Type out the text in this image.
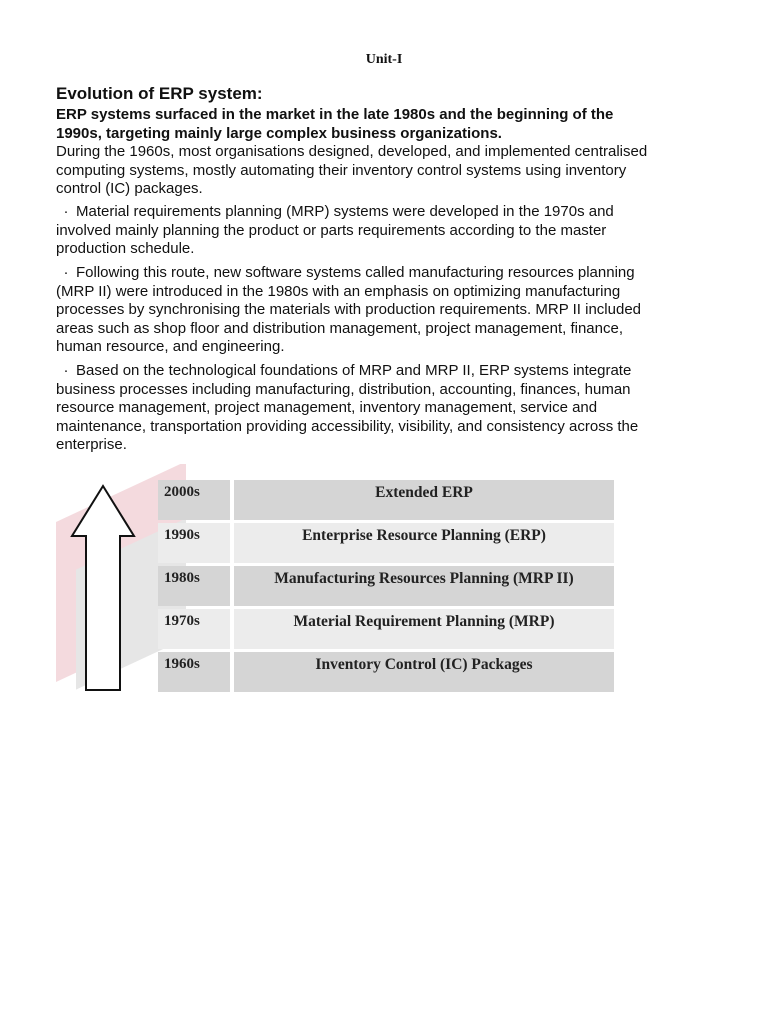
Unit-I
Evolution of ERP system:
ERP systems surfaced in the market in the late 1980s and the beginning of the 1990s, targeting mainly large complex business organizations.
During the 1960s, most organisations designed, developed, and implemented centralised computing systems, mostly automating their inventory control systems using inventory control (IC) packages.
· Material requirements planning (MRP) systems were developed in the 1970s and involved mainly planning the product or parts requirements according to the master production schedule.
· Following this route, new software systems called manufacturing resources planning (MRP II) were introduced in the 1980s with an emphasis on optimizing manufacturing processes by synchronising the materials with production requirements. MRP II included areas such as shop floor and distribution management, project management, finance, human resource, and engineering.
· Based on the technological foundations of MRP and MRP II, ERP systems integrate business processes including manufacturing, distribution, accounting, finances, human resource management, project management, inventory management, service and maintenance, transportation providing accessibility, visibility, and consistency across the enterprise.
2000s	Extended ERP
1990s	Enterprise Resource Planning (ERP)
1980s	Manufacturing Resources Planning (MRP II)
1970s	Material Requirement Planning (MRP)
1960s	Inventory Control (IC) Packages
